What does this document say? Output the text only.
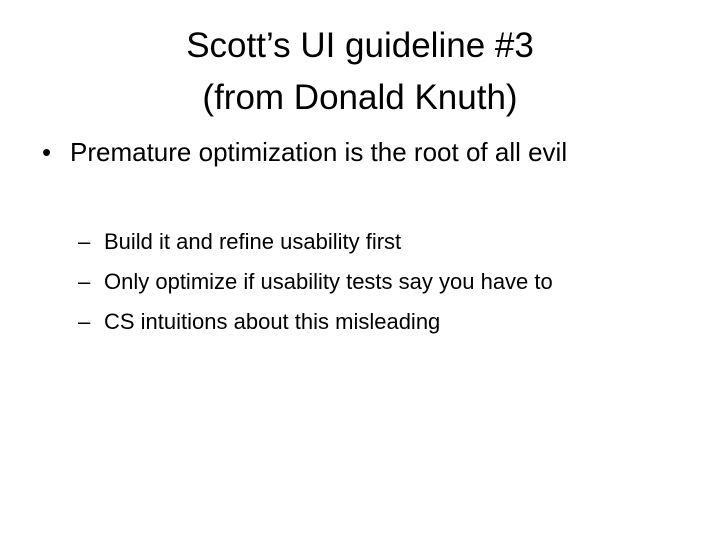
Scott’s UI guideline #3
(from Donald Knuth)
• Premature optimization is the root of all evil
– Build it and refine usability first
– Only optimize if usability tests say you have to
– CS intuitions about this misleading
